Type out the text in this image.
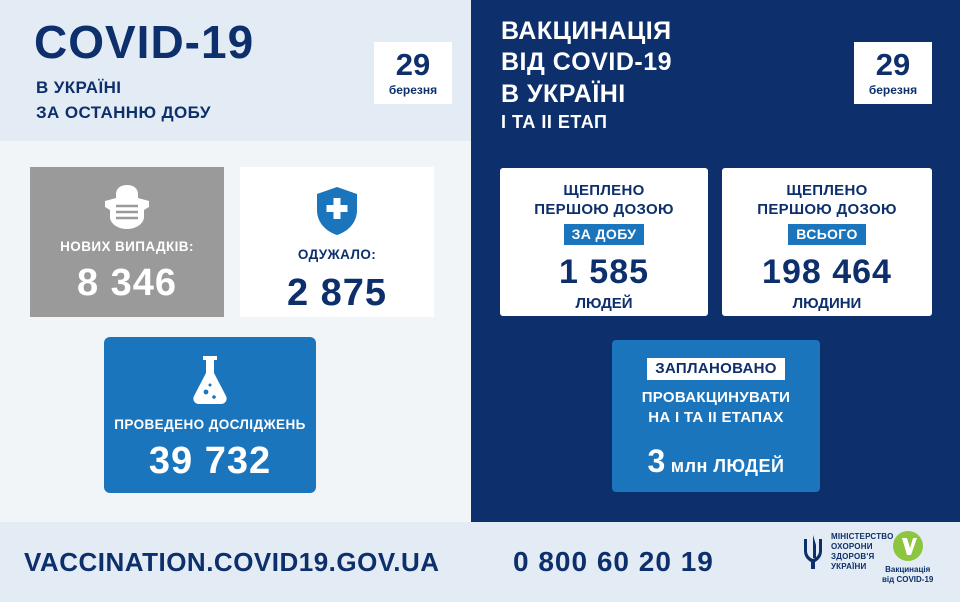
COVID-19
В УКРАЇНІ
ЗА ОСТАННЮ ДОБУ
29
березня
НОВИХ ВИПАДКІВ:
8 346
ОДУЖАЛО:
2 875
ПРОВЕДЕНО ДОСЛІДЖЕНЬ
39 732
ВАКЦИНАЦІЯ
ВІД COVID-19
В УКРАЇНІ
I ТА II ЕТАП
29
березня
ЩЕПЛЕНО
ПЕРШОЮ ДОЗОЮ
ЗА ДОБУ
1 585
ЛЮДЕЙ
ЩЕПЛЕНО
ПЕРШОЮ ДОЗОЮ
ВСЬОГО
198 464
ЛЮДИНИ
ЗАПЛАНОВАНО
ПРОВАКЦИНУВАТИ
НА I ТА II ЕТАПАХ
3 млн ЛЮДЕЙ
VACCINATION.COVID19.GOV.UA	0 800 60 20 19
МІНІСТЕРСТВО
ОХОРОНИ
ЗДОРОВ'Я
УКРАЇНИ	Вакцинація
від COVID-19
